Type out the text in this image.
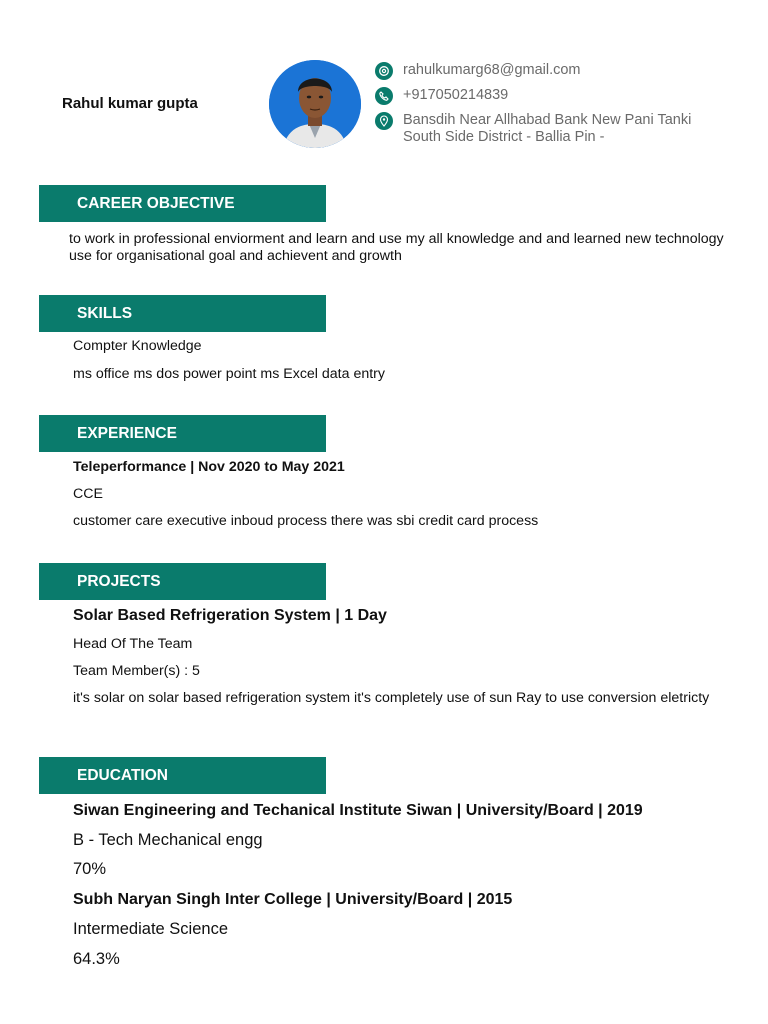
Rahul kumar gupta
rahulkumarg68@gmail.com
+917050214839
Bansdih Near Allhabad Bank New Pani Tanki South Side District - Ballia Pin -
CAREER OBJECTIVE
to work in professional enviorment and learn and use my all knowledge and and learned new technology use for organisational goal and achievent and growth
SKILLS
Compter Knowledge
ms office ms dos power point ms Excel data entry
EXPERIENCE
Teleperformance | Nov 2020 to May 2021
CCE
customer care executive inboud process there was sbi credit card process
PROJECTS
Solar Based Refrigeration System | 1 Day
Head Of The Team
Team Member(s) : 5
it's solar on solar based refrigeration system it's completely use of sun Ray to use conversion eletricty
EDUCATION
Siwan Engineering and Techanical Institute Siwan | University/Board | 2019
B - Tech Mechanical engg
70%
Subh Naryan Singh Inter College | University/Board | 2015
Intermediate Science
64.3%
